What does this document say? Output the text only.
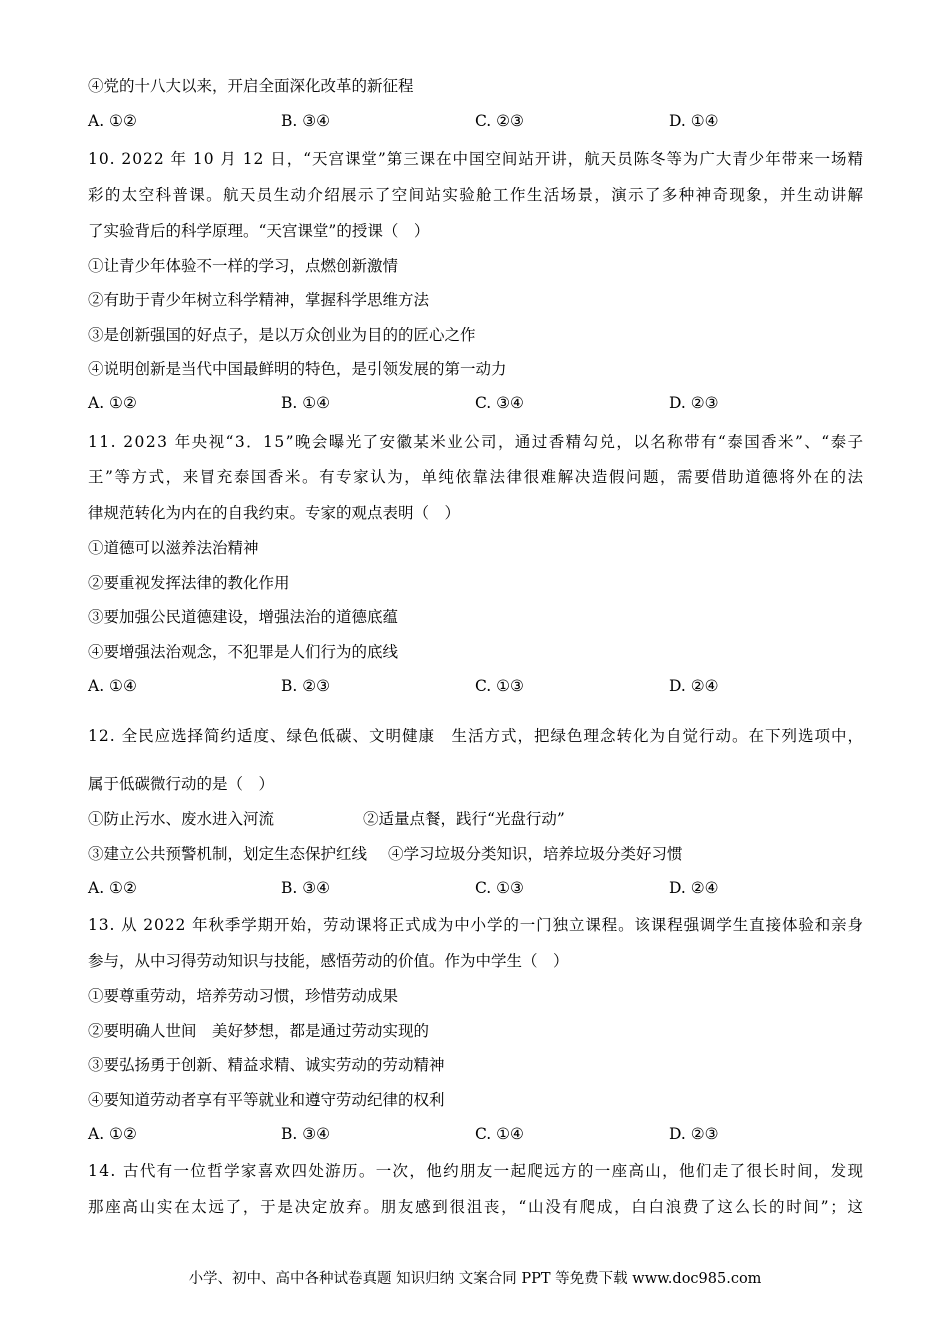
④党的十八大以来，开启全面深化改革的新征程
A. ①②	B. ③④	C. ②③	D. ①④
10. 2022 年 10 月 12 日，“天宫课堂”第三课在中国空间站开讲，航天员陈冬等为广大青少年带来一场精
彩的太空科普课。航天员生动介绍展示了空间站实验舱工作生活场景，演示了多种神奇现象，并生动讲解
了实验背后的科学原理。“天宫课堂”的授课（　）
①让青少年体验不一样的学习，点燃创新激情
②有助于青少年树立科学精神，掌握科学思维方法
③是创新强国的好点子，是以万众创业为目的的匠心之作
④说明创新是当代中国最鲜明的特色，是引领发展的第一动力
A. ①②	B. ①④	C. ③④	D. ②③
11. 2023 年央视“3．15”晚会曝光了安徽某米业公司，通过香精勾兑，以名称带有“泰国香米”、“泰子
王”等方式，来冒充泰国香米。有专家认为，单纯依靠法律很难解决造假问题，需要借助道德将外在的法
律规范转化为内在的自我约束。专家的观点表明（　）
①道德可以滋养法治精神
②要重视发挥法律的教化作用
③要加强公民道德建设，增强法治的道德底蕴
④要增强法治观念，不犯罪是人们行为的底线
A. ①④	B. ②③	C. ①③	D. ②④
12. 全民应选择简约适度、绿色低碳、文明健康　生活方式，把绿色理念转化为自觉行动。在下列选项中，
属于低碳微行动的是（　）
①防止污水、废水进入河流	②适量点餐，践行“光盘行动”
③建立公共预警机制，划定生态保护红线 ④学习垃圾分类知识，培养垃圾分类好习惯
A. ①②	B. ③④	C. ①③	D. ②④
13. 从 2022 年秋季学期开始，劳动课将正式成为中小学的一门独立课程。该课程强调学生直接体验和亲身
参与，从中习得劳动知识与技能，感悟劳动的价值。作为中学生（　）
①要尊重劳动，培养劳动习惯，珍惜劳动成果
②要明确人世间　美好梦想，都是通过劳动实现的
③要弘扬勇于创新、精益求精、诚实劳动的劳动精神
④要知道劳动者享有平等就业和遵守劳动纪律的权利
A. ①②	B. ③④	C. ①④	D. ②③
14. 古代有一位哲学家喜欢四处游历。一次，他约朋友一起爬远方的一座高山，他们走了很长时间，发现
那座高山实在太远了，于是决定放弃。朋友感到很沮丧，“山没有爬成，白白浪费了这么长的时间”；这
小学、初中、高中各种试卷真题 知识归纳 文案合同 PPT 等免费下载 www.doc985.com
